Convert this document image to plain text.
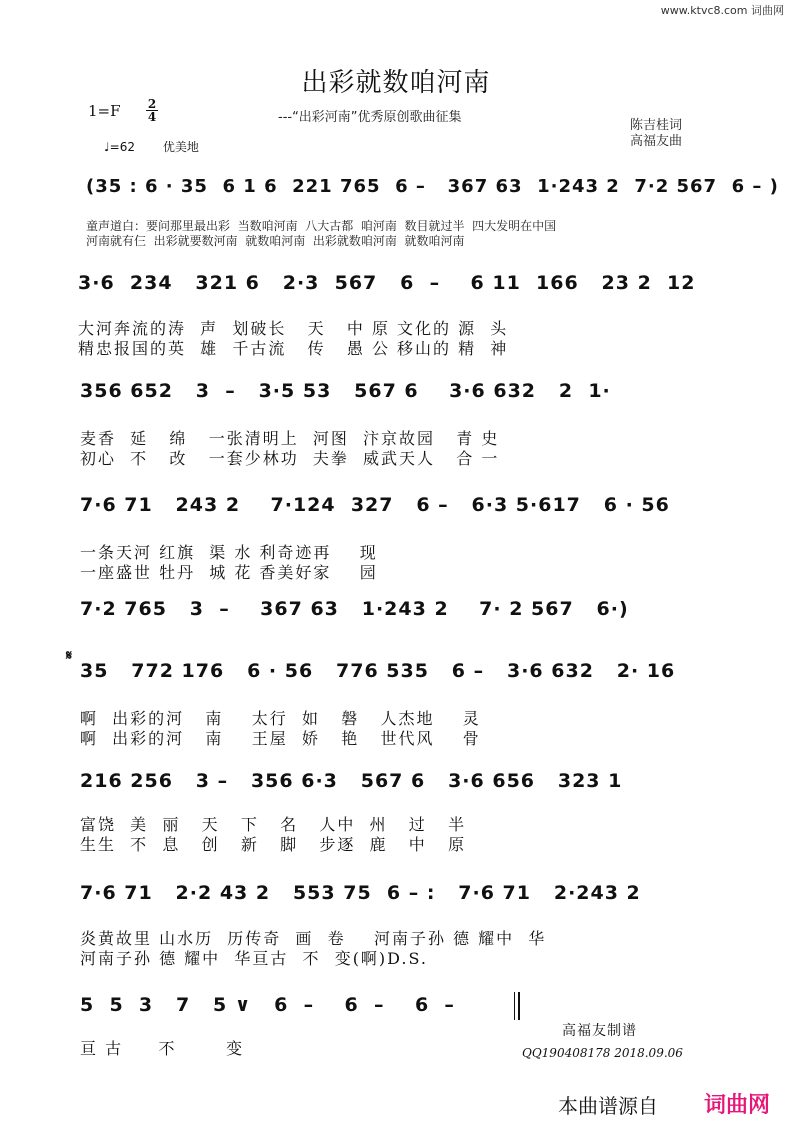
www.ktvc8.com 词曲网
出彩就数咱河南
1=F 2
4	---“出彩河南”优秀原创歌曲征集
陈吉桂词
高福友曲
♩=62 优美地
(35 : 6 · 35  6 1 6  221 765  6 –   367 63  1·243 2  7·2 567  6 – )
童声道白：要问那里最出彩  当数咱河南  八大古都  咱河南  数目就过半  四大发明在中国
河南就有仨  出彩就要数河南  就数咱河南  出彩就数咱河南  就数咱河南
3·6  234   321 6   2·3  567   6  –    6 11  166   23 2  12
大河奔流的涛  声  划破长   天   中 原 文化的 源  头
精忠报国的英  雄  千古流   传   愚 公 移山的 精  神
356 652   3  –   3·5 53   567 6    3·6 632   2  1·
麦香  延   绵   一张清明上  河图  汴京故园   青 史
初心  不   改   一套少林功  夫拳  威武天人   合 一
7·6 71   243 2    7·124  327   6 –   6·3 5·617   6 · 56
一条天河 红旗  渠 水 利奇迹再    现
一座盛世 牡丹  城 花 香美好家    园
7·2 765   3  –    367 63   1·243 2    7· 2 567   6·)
𝄋
35   772 176   6 · 56   776 535   6 –   3·6 632   2· 16
啊  出彩的河   南    太行  如   磐   人杰地    灵
啊  出彩的河   南    王屋  娇   艳   世代风    骨
216 256   3 –   356 6·3   567 6   3·6 656   323 1
富饶  美  丽   天   下   名   人中  州   过   半
生生  不  息   创   新   脚   步逐  鹿   中   原
7·6 71   2·2 43 2   553 75  6 – :   7·6 71   2·243 2
炎黄故里 山水历  历传奇  画  卷    河南子孙 德 耀中  华
河南子孙 德 耀中  华亘古  不  变(啊)D.S.
5  5  3   7   5 ∨   6  –    6  –    6  –
亘 古     不       变
高福友制谱
QQ190408178 2018.09.06
本曲谱源自 词曲网
